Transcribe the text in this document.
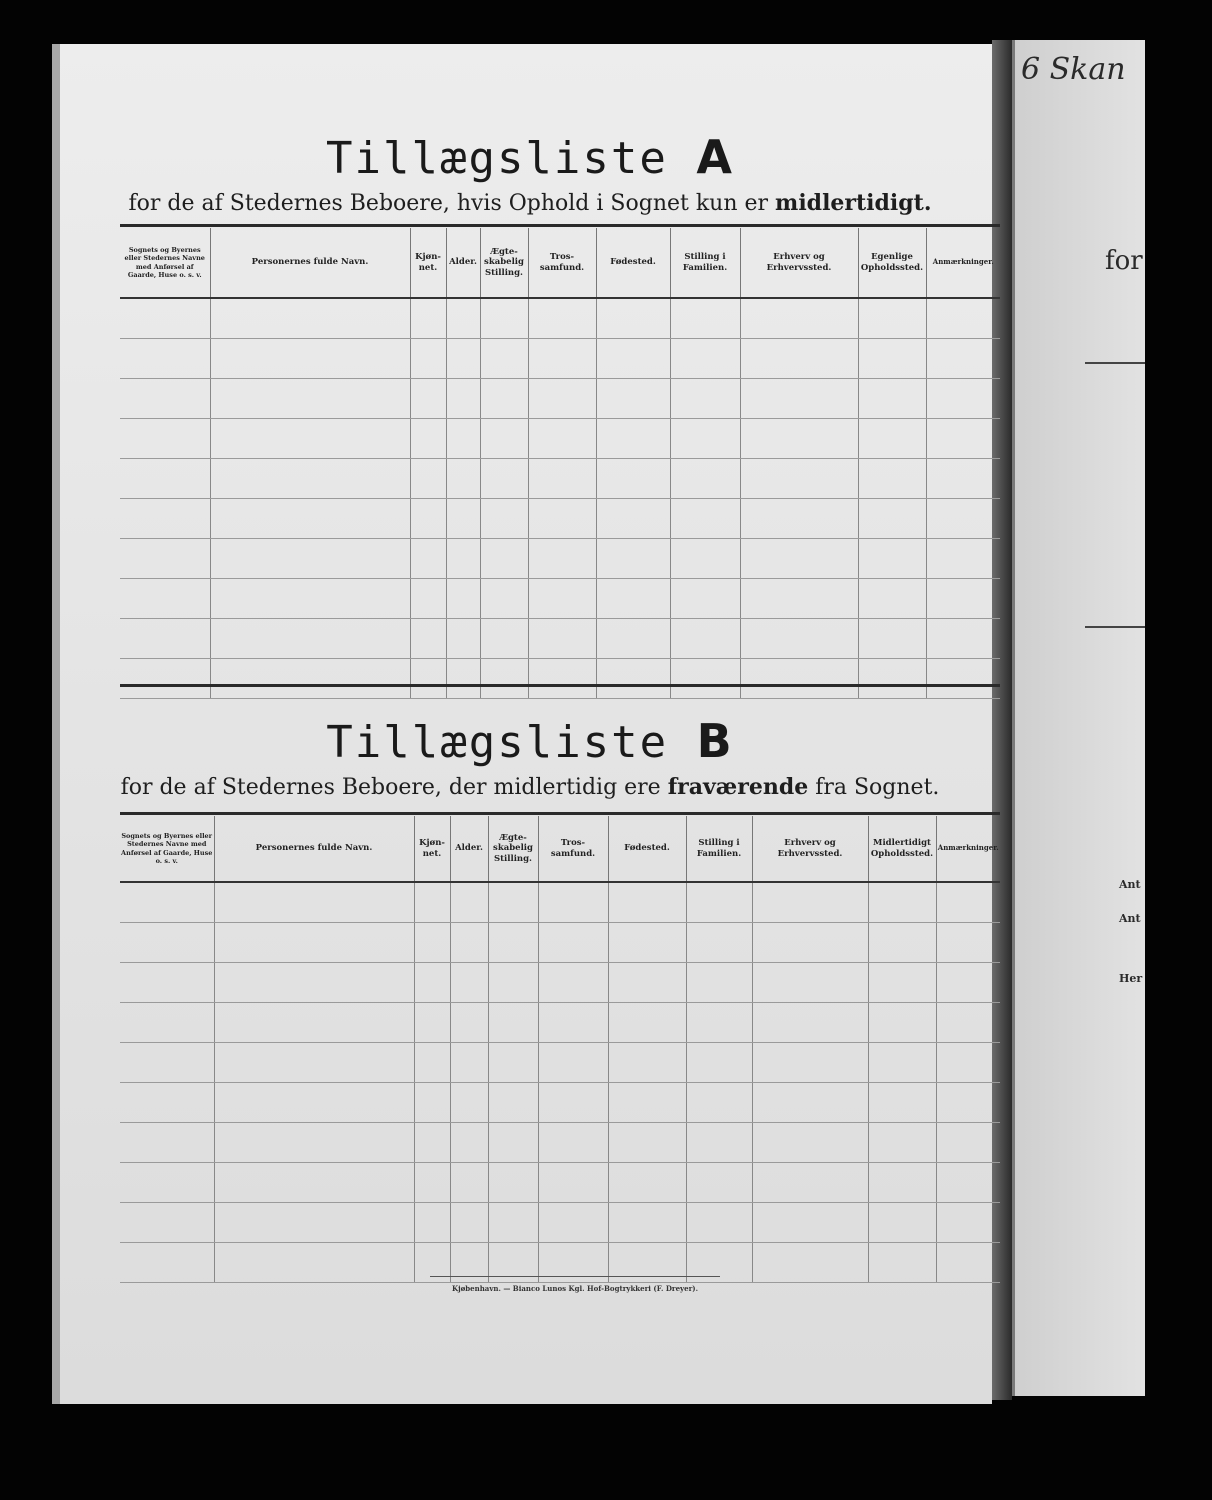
6 Skan
for
Ant
Ant
Her
Tillægsliste A
for de af Stedernes Beboere, hvis Ophold i Sognet kun er midlertidigt.
Sognets og Byernes eller Stedernes Navne med Anførsel af Gaarde, Huse o. s. v.	Personernes fulde Navn.	Kjøn-net.	Alder.	Ægte-skabelig Stilling.	Tros-samfund.	Fødested.	Stilling i Familien.	Erhverv og Erhvervssted.	Egenlige Opholdssted.	Anmærkninger.

Tillægsliste B
for de af Stedernes Beboere, der midlertidig ere fraværende fra Sognet.
Sognets og Byernes eller Stedernes Navne med Anførsel af Gaarde, Huse o. s. v.	Personernes fulde Navn.	Kjøn-net.	Alder.	Ægte-skabelig Stilling.	Tros-samfund.	Fødested.	Stilling i Familien.	Erhverv og Erhvervssted.	Midlertidigt Opholdssted.	Anmærkninger.

Kjøbenhavn. — Bianco Lunos Kgl. Hof-Bogtrykkeri (F. Dreyer).
